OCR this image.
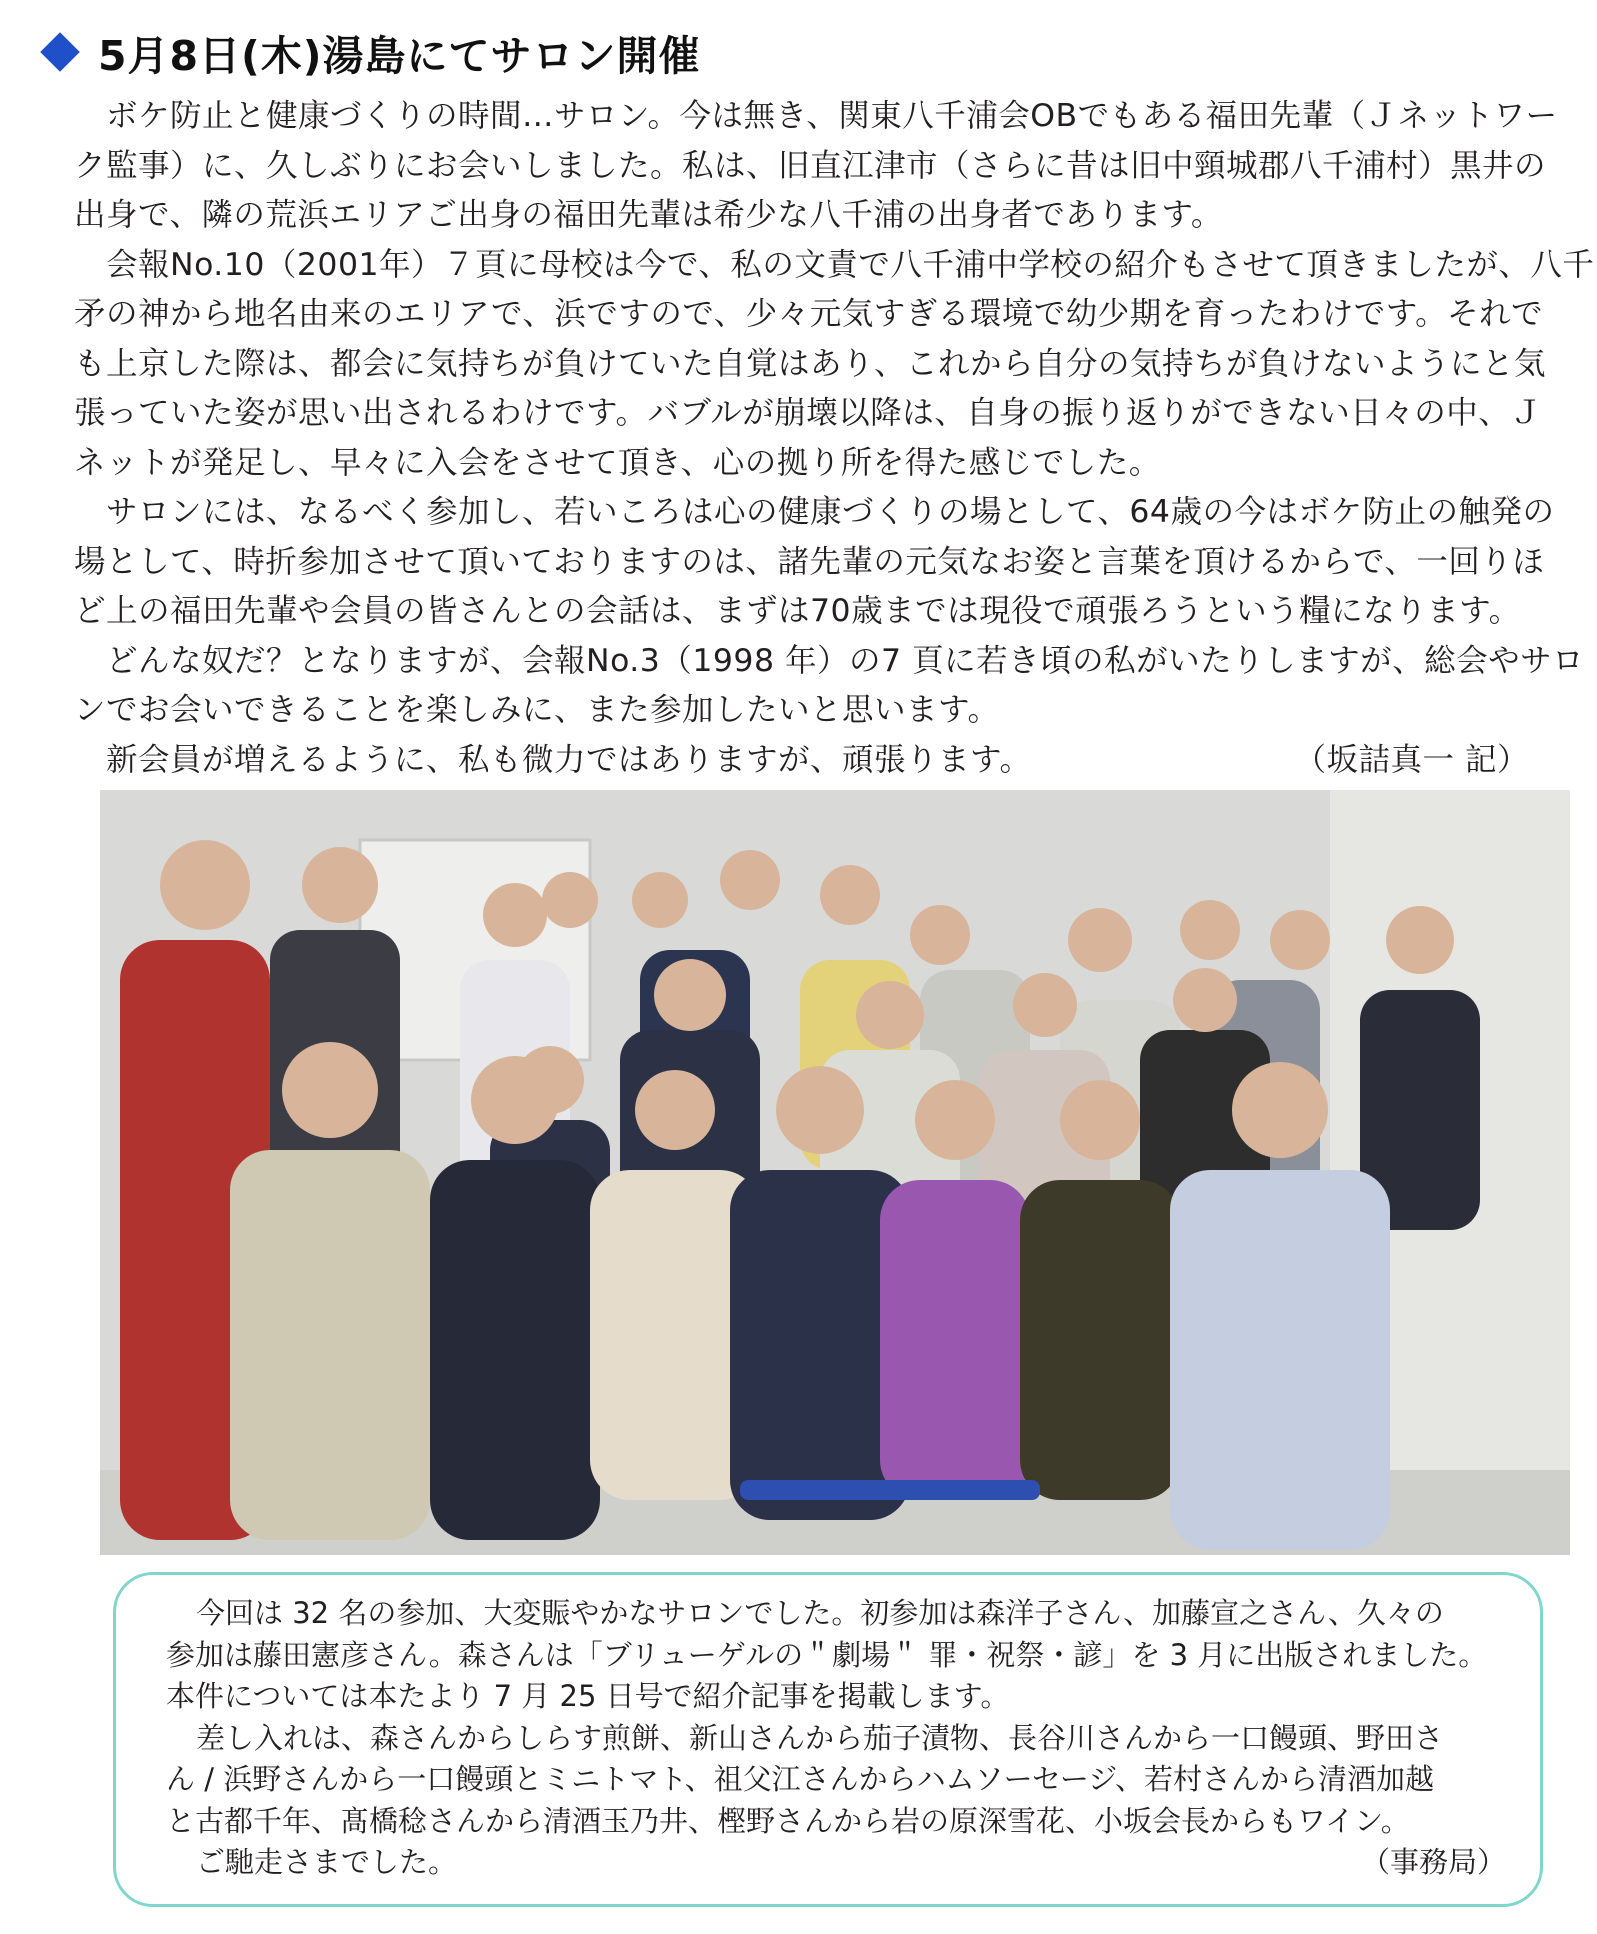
5月8日(木)湯島にてサロン開催
ボケ防止と健康づくりの時間…サロン。今は無き、関東八千浦会OBでもある福田先輩（Ｊネットワー
ク監事）に、久しぶりにお会いしました。私は、旧直江津市（さらに昔は旧中頸城郡八千浦村）黒井の
出身で、隣の荒浜エリアご出身の福田先輩は希少な八千浦の出身者であります。
会報No.10（2001年）７頁に母校は今で、私の文責で八千浦中学校の紹介もさせて頂きましたが、八千
矛の神から地名由来のエリアで、浜ですので、少々元気すぎる環境で幼少期を育ったわけです。それで
も上京した際は、都会に気持ちが負けていた自覚はあり、これから自分の気持ちが負けないようにと気
張っていた姿が思い出されるわけです。バブルが崩壊以降は、自身の振り返りができない日々の中、Ｊ
ネットが発足し、早々に入会をさせて頂き、心の拠り所を得た感じでした。
サロンには、なるべく参加し、若いころは心の健康づくりの場として、64歳の今はボケ防止の触発の
場として、時折参加させて頂いておりますのは、諸先輩の元気なお姿と言葉を頂けるからで、一回りほ
ど上の福田先輩や会員の皆さんとの会話は、まずは70歳までは現役で頑張ろうという糧になります。
どんな奴だ？となりますが、会報No.3（1998 年）の7 頁に若き頃の私がいたりしますが、総会やサロ
ンでお会いできることを楽しみに、また参加したいと思います。
新会員が増えるように、私も微力ではありますが、頑張ります。	（坂詰真一 記）
今回は 32 名の参加、大変賑やかなサロンでした。初参加は森洋子さん、加藤宣之さん、久々の
参加は藤田憲彦さん。森さんは「ブリューゲルの＂劇場＂ 罪・祝祭・諺」を 3 月に出版されました。
本件については本たより 7 月 25 日号で紹介記事を掲載します。
差し入れは、森さんからしらす煎餅、新山さんから茄子漬物、長谷川さんから一口饅頭、野田さ
ん / 浜野さんから一口饅頭とミニトマト、祖父江さんからハムソーセージ、若村さんから清酒加越
と古都千年、髙橋稔さんから清酒玉乃井、樫野さんから岩の原深雪花、小坂会長からもワイン。
ご馳走さまでした。	（事務局）
